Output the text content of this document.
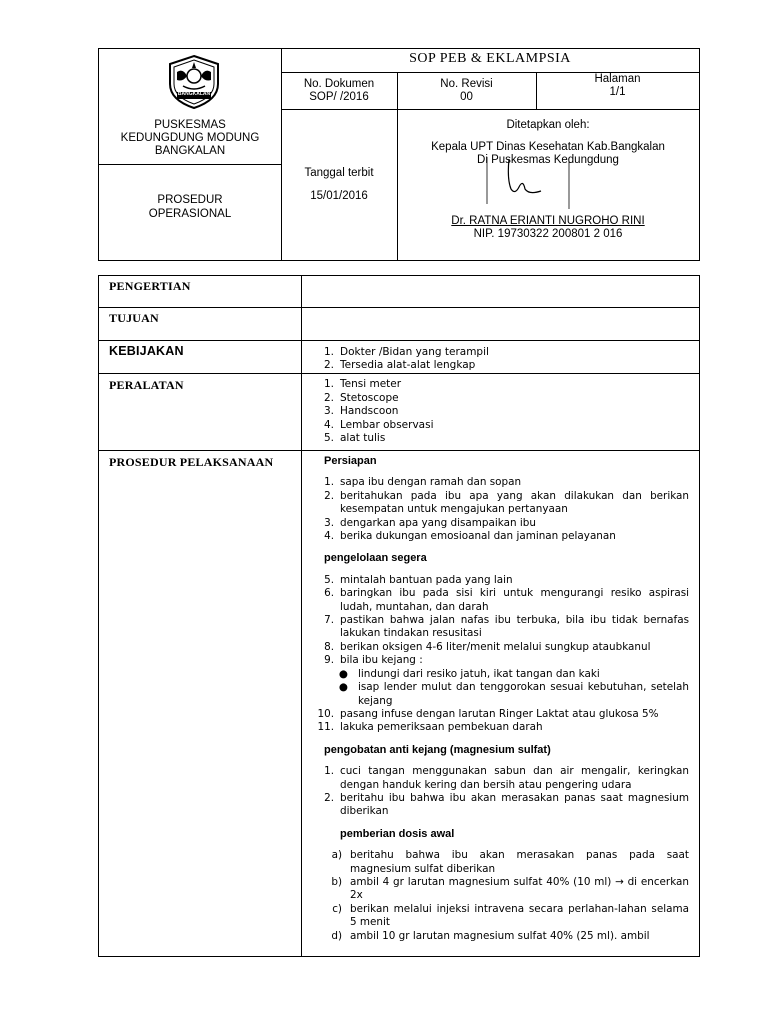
BANGKALAN
PUSKESMAS
KEDUNGDUNG MODUNG
BANGKALAN
PROSEDUR
OPERASIONAL
SOP PEB & EKLAMPSIA
No. Dokumen
SOP/ /2016
No. Revisi
00
Halaman
1/1
Tanggal terbit
15/01/2016
Ditetapkan oleh:
Kepala UPT Dinas Kesehatan Kab.Bangkalan
Di Puskesmas Kedungdung
Dr. RATNA ERIANTI NUGROHO RINI
NIP. 19730322 200801 2 016
PENGERTIAN
TUJUAN
KEBIJAKAN
PERALATAN
PROSEDUR PELAKSANAAN
1. Dokter /Bidan yang terampil
2. Tersedia alat-alat lengkap
1. Tensi meter
2. Stetoscope
3. Handscoon
4. Lembar observasi
5. alat tulis
Persiapan
1. sapa ibu dengan ramah dan sopan
2. beritahukan pada ibu apa yang akan dilakukan dan berikan kesempatan untuk mengajukan pertanyaan
3. dengarkan apa yang disampaikan ibu
4. berika dukungan emosioanal dan jaminan pelayanan
pengelolaan segera
5. mintalah bantuan pada yang lain
6. baringkan ibu pada sisi kiri untuk mengurangi resiko aspirasi ludah, muntahan, dan darah
7. pastikan bahwa jalan nafas ibu terbuka, bila ibu tidak bernafas lakukan tindakan resusitasi
8. berikan oksigen 4-6 liter/menit melalui sungkup ataubkanul
9. bila ibu kejang :
● lindungi dari resiko jatuh, ikat tangan dan kaki
● isap lender mulut dan tenggorokan sesuai kebutuhan, setelah kejang
10. pasang infuse dengan larutan Ringer Laktat atau glukosa 5%
11. lakuka pemeriksaan pembekuan darah
pengobatan anti kejang (magnesium sulfat)
1. cuci tangan menggunakan sabun dan air mengalir, keringkan dengan handuk kering dan bersih atau pengering udara
2. beritahu ibu bahwa ibu akan merasakan panas saat magnesium diberikan
pemberian dosis awal
a) beritahu bahwa ibu akan merasakan panas pada saat magnesium sulfat diberikan
b) ambil 4 gr larutan magnesium sulfat 40% (10 ml) → di encerkan 2x
c) berikan melalui injeksi intravena secara perlahan-lahan selama 5 menit
d) ambil 10 gr larutan magnesium sulfat 40% (25 ml). ambil
